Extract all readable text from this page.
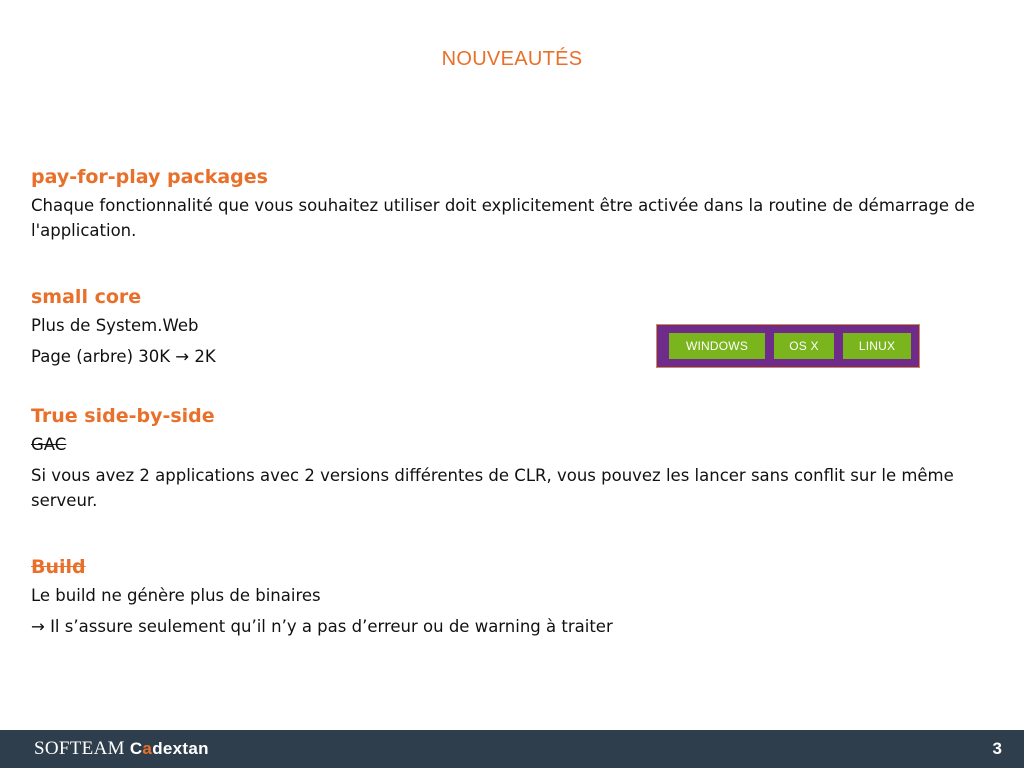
NOUVEAUTÉS
pay-for-play packages
Chaque fonctionnalité que vous souhaitez utiliser doit explicitement être activée dans la routine de démarrage de l'application.
small core
Plus de System.Web
Page (arbre) 30K → 2K
True side-by-side
GAC
Si vous avez 2 applications avec 2 versions différentes de CLR, vous pouvez les lancer sans conflit sur le même serveur.
Build
Le build ne génère plus de binaires
→ Il s’assure seulement qu’il n’y a pas d’erreur ou de warning à traiter
WINDOWS	OS X	LINUX
SOFTEAM Cadextan	3
